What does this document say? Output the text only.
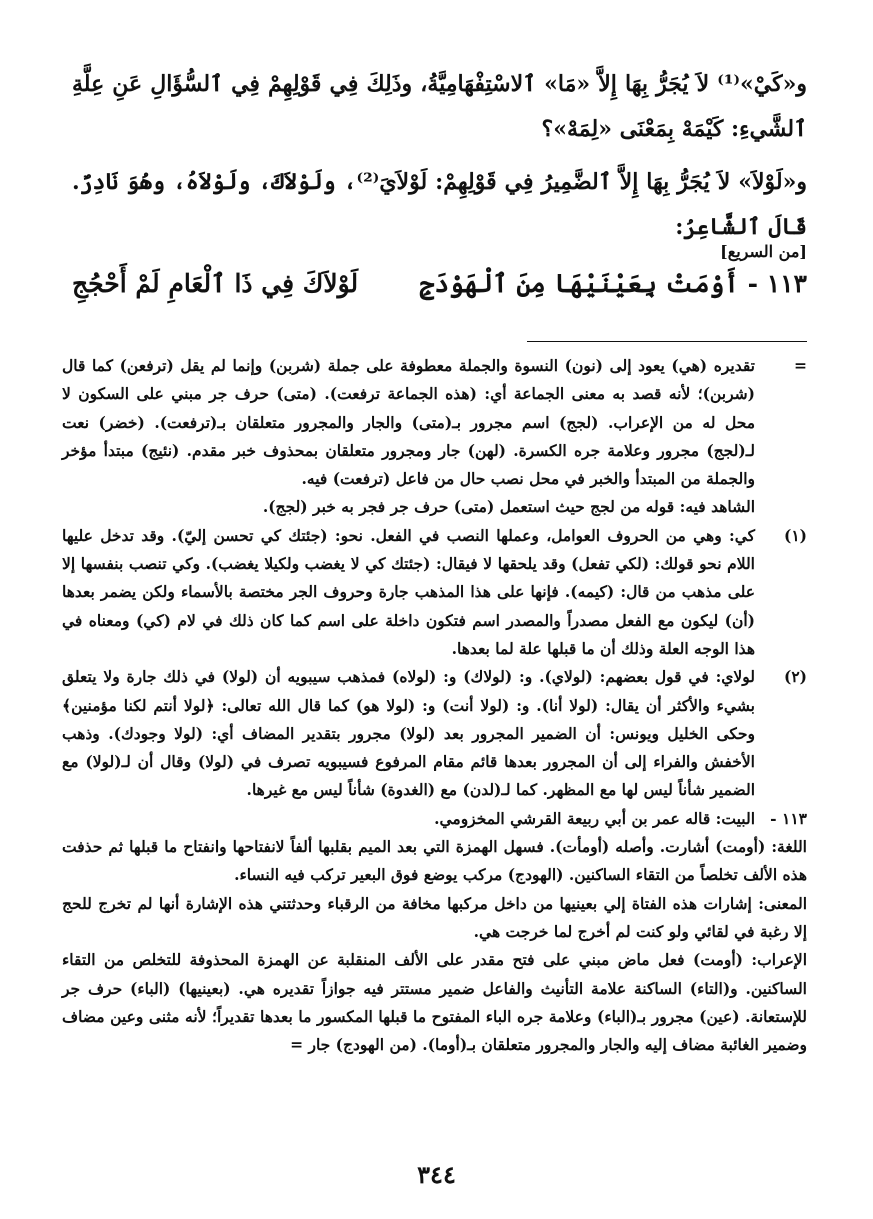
و«كَيْ»⁽¹⁾ لاَ يُجَرُّ بِهَا إِلاَّ «مَا» ٱلاسْتِفْهَامِيَّةُ، وذَلِكَ فِي قَوْلِهِمْ فِي ٱلسُّؤَالِ عَنِ عِلَّةِ ٱلشَّيءِ: كَيْمَهْ بِمَعْنَى «لِمَهْ»؟

و«لَوْلاَ» لاَ يُجَرُّ بِهَا إِلاَّ ٱلضَّمِيرُ فِي قَوْلِهِمْ: لَوْلاَيَ⁽²⁾، ولَوْلاَكَ، ولَوْلاَهُ، وهُوَ نَادِرٌ. قَالَ ٱلشَّاعِرُ:

[من السريع]
١١٣ - أَوْمَتْ بِعَيْنَيْهَا مِنَ ٱلْهَوْدَجِ
لَوْلاَكَ فِي ذَا ٱلْعَامِ لَمْ أَحْجُجِ
=
تقديره (هي) يعود إلى (نون) النسوة والجملة معطوفة على جملة (شربن) وإنما لم يقل (ترفعن) كما قال (شربن)؛ لأنه قصد به معنى الجماعة أي: (هذه الجماعة ترفعت). (متى) حرف جر مبني على السكون لا محل له من الإعراب. (لجج) اسم مجرور بـ(متى) والجار والمجرور متعلقان بـ(ترفعت). (خضر) نعت لـ(لجج) مجرور وعلامة جره الكسرة. (لهن) جار ومجرور متعلقان بمحذوف خبر مقدم. (نئيج) مبتدأ مؤخر والجملة من المبتدأ والخبر في محل نصب حال من فاعل (ترفعت) فيه.
الشاهد فيه: قوله من لجج حيث استعمل (متى) حرف جر فجر به خبر (لجج).
(١)
كي: وهي من الحروف العوامل، وعملها النصب في الفعل. نحو: (جئتك كي تحسن إليّ). وقد تدخل عليها اللام نحو قولك: (لكي تفعل) وقد يلحقها لا فيقال: (جئتك كي لا يغضب ولكيلا يغضب). وكي تنصب بنفسها إلا على مذهب من قال: (كيمه). فإنها على هذا المذهب جارة وحروف الجر مختصة بالأسماء ولكن يضمر بعدها (أن) ليكون مع الفعل مصدراً والمصدر اسم فتكون داخلة على اسم كما كان ذلك في لام (كي) ومعناه في هذا الوجه العلة وذلك أن ما قبلها علة لما بعدها.
(٢)
لولاي: في قول بعضهم: (لولاي). و: (لولاك) و: (لولاه) فمذهب سيبويه أن (لولا) في ذلك جارة ولا يتعلق بشيء والأكثر أن يقال: (لولا أنا). و: (لولا أنت) و: (لولا هو) كما قال الله تعالى: ﴿لولا أنتم لكنا مؤمنين﴾ وحكى الخليل ويونس: أن الضمير المجرور بعد (لولا) مجرور بتقدير المضاف أي: (لولا وجودك). وذهب الأخفش والفراء إلى أن المجرور بعدها قائم مقام المرفوع فسيبويه تصرف في (لولا) وقال أن لـ(لولا) مع الضمير شأناً ليس لها مع المظهر. كما لـ(لدن) مع (الغدوة) شأناً ليس مع غيرها.
١١٣ -
البيت: قاله عمر بن أبي ربيعة القرشي المخزومي.
اللغة: (أومت) أشارت. وأصله (أومأت). فسهل الهمزة التي بعد الميم بقلبها ألفاً لانفتاحها وانفتاح ما قبلها ثم حذفت هذه الألف تخلصاً من التقاء الساكنين. (الهودج) مركب يوضع فوق البعير تركب فيه النساء.
المعنى: إشارات هذه الفتاة إلي بعينيها من داخل مركبها مخافة من الرقباء وحدثتني هذه الإشارة أنها لم تخرج للحج إلا رغبة في لقائي ولو كنت لم أخرج لما خرجت هي.
الإعراب: (أومت) فعل ماض مبني على فتح مقدر على الألف المنقلبة عن الهمزة المحذوفة للتخلص من التقاء الساكنين. و(التاء) الساكنة علامة التأنيث والفاعل ضمير مستتر فيه جوازاً تقديره هي. (بعينيها) (الباء) حرف جر للإستعانة. (عين) مجرور بـ(الباء) وعلامة جره الباء المفتوح ما قبلها المكسور ما بعدها تقديراً؛ لأنه مثنى وعين مضاف وضمير الغائبة مضاف إليه والجار والمجرور متعلقان بـ(أوما). (من الهودج) جار =
٣٤٤
